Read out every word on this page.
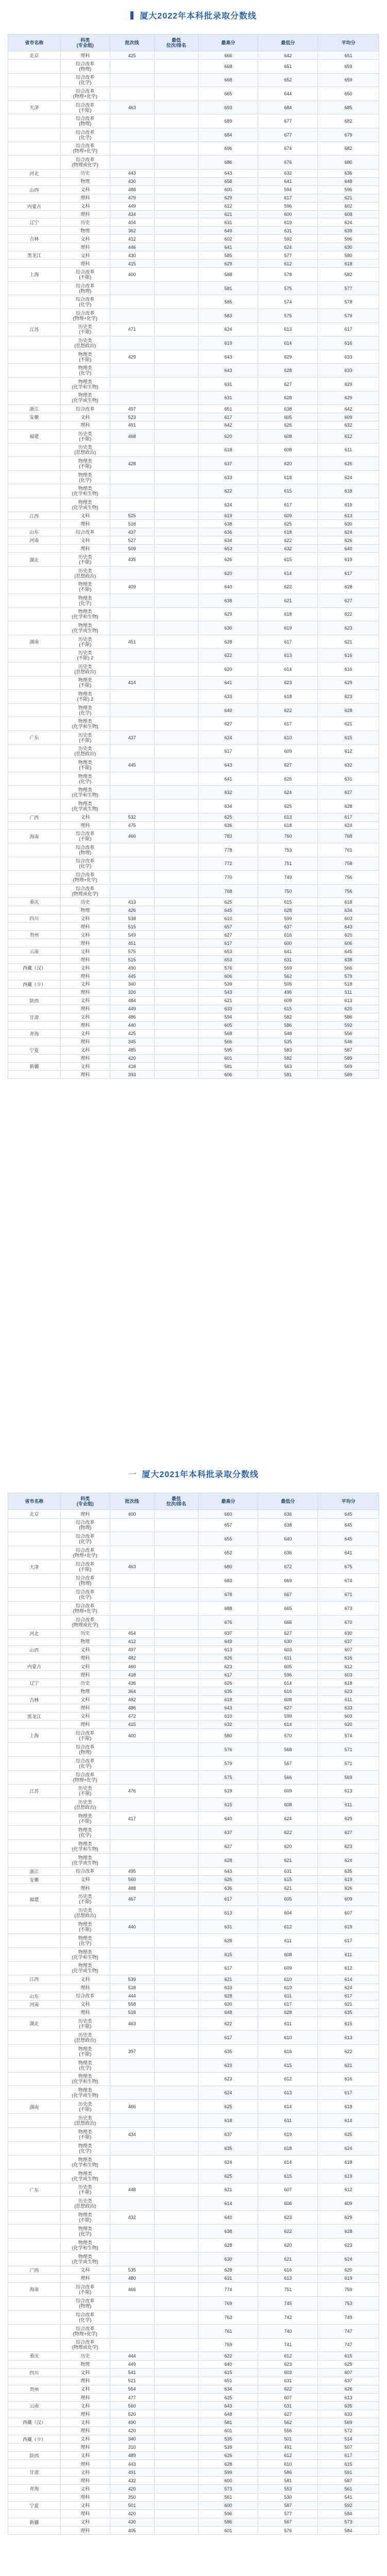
厦大2022年本科批录取分数线
省市名称	科类
(专业组)	批次线	最低
位次/排名	最高分	最低分	平均分
北京	理科	425	666	642	651
综合改革
(物理)	668	651	659
综合改革
(化学)	668	652	659
综合改革
(物理+化学)	665	644	650
天津
综合改革
(不限)	463	693	684	685
综合改革
(物理)	689	677	682
综合改革
(化学)	684	677	679
综合改革
(物理+化学)	696	674	682
综合改革
(物理或化学)	686	676	680
河北	历史	443	643	632	636
物理	430	658	641	648
山西	文科	488	600	594	596
理科	479	629	617	621
内蒙古	文科	449	612	596	602
理科	434	621	600	608
辽宁	历史	404	631	619	624
物理	362	649	631	639
吉林	文科	412	602	592	596
理科	446	641	624	630
黑龙江	文科	430	585	577	580
理科	415	629	612	618
上海
综合改革
(不限)	400	588	578	582
综合改革
(物理)	581	575	577
综合改革
(化学)	585	574	578
综合改革
(物理+化学)	583	575	579
江苏
历史类
(不限)	471	624	613	617
历史类
(思想政治)	619	614	616
物理类
(不限)	429	643	629	633
物理类
(化学)	643	628	633
物理类
(化学和生物)	631	627	629
物理类
(化学或生物)	631	628	629
浙江	综合改革	497	651	638	642
安徽	文科	523	617	605	609
理科	491	642	626	632
福建
历史类
(不限)	468	620	608	612
历史类
(思想政治)	618	608	611
物理类
(不限)	428	637	620	626
物理类
(化学)	633	618	624
物理类
(化学和生物)	622	615	618
物理类
(化学或生物)	624	617	619
江西	文科	525	619	609	613
理科	518	638	625	630
山东	综合改革	437	636	618	624
河南	文科	527	634	622	626
理科	509	653	632	640
湖北
历史类
(不限)	435	626	615	619
历史类
(思想政治)	620	614	617
物理类
(不限)	409	640	622	628
物理类
(化学)	638	621	627
物理类
(化学和生物)	629	618	622
物理类
(化学或生物)	630	619	623
湖南
历史类
(不限)	451	628	617	621
历史类
(不限) 2	622	613	616
历史类
(思想政治)	620	614	616
物理类
(不限)	414	641	623	629
物理类
(不限) 2	633	618	623
物理类
(化学)	640	622	628
物理类
(化学和生物)	627	617	621
广东
历史类
(不限)	437	624	610	615
历史类
(思想政治)	617	609	612
物理类
(不限)	445	643	627	632
物理类
(化学)	641	626	631
物理类
(化学和生物)	632	624	627
物理类
(化学或生物)	634	625	628
广西	文科	532	625	613	617
理科	475	636	618	624
海南
综合改革
(不限)	466	783	760	768
综合改革
(物理)	778	753	761
综合改革
(化学)	772	751	758
综合改革
(物理+化学)	770	749	756
综合改革
(物理或化学)	768	750	756
重庆	历史	413	625	615	618
物理	426	645	628	634
四川	文科	538	610	599	603
理科	515	657	637	643
贵州	文科	549	627	616	620
理科	451	617	600	606
云南	文科	575	653	641	645
理科	515	653	631	638
西藏（汉）	文科	490	576	559	566
理科	445	606	562	579
西藏（少）	文科	340	539	505	518
理科	320	543	496	511
陕西	文科	484	621	608	613
理科	449	633	615	620
甘肃	文科	486	594	582	586
理科	440	605	586	592
青海	文科	425	568	548	556
理科	345	566	535	546
宁夏	文科	485	595	583	587
理科	420	601	582	589
新疆	文科	418	581	563	569
理科	393	606	581	589
一 厦大2021年本科批录取分数线
省市名称	科类
(专业组)	批次线	最低
位次/排名	最高分	最低分	平均分
北京	理科	400	660	636	645
综合改革
(物理)	657	638	645
综合改革
(化学)	655	640	645
综合改革
(物理+化学)	652	636	641
天津
综合改革
(不限)	463	680	672	675
综合改革
(物理)	683	669	674
综合改革
(化学)	678	667	671
综合改革
(物理+化学)	688	665	673
综合改革
(物理或化学)	676	666	670
河北	历史	454	637	627	630
物理	412	649	630	637
山西	文科	497	613	603	607
理科	482	626	611	616
内蒙古	文科	460	623	605	612
理科	418	617	596	603
辽宁	历史	436	626	614	618
物理	364	635	616	623
吉林	文科	482	618	608	611
理科	486	643	627	633
黑龙江	文科	472	610	599	603
理科	415	632	614	620
上海
综合改革
(不限)	400	580	570	574
综合改革
(物理)	576	568	571
综合改革
(化学)	579	567	571
综合改革
(物理+化学)	575	566	569
江苏
历史类
(不限)	476	619	609	613
历史类
(思想政治)	615	608	611
物理类
(不限)	417	640	624	629
物理类
(化学)	637	622	627
物理类
(化学和生物)	627	620	623
物理类
(化学或生物)	628	621	624
浙江	综合改革	495	643	631	635
安徽	文科	560	626	615	619
理科	488	636	621	626
福建
历史类
(不限)	467	617	605	609
历史类
(思想政治)	613	604	607
物理类
(不限)	440	631	612	619
物理类
(化学)	628	611	617
物理类
(化学和生物)	615	608	611
物理类
(化学或生物)	617	609	612
江西	文科	539	621	610	614
理科	518	633	619	624
山东	综合改革	444	628	611	617
河南	文科	558	630	617	621
理科	518	648	628	635
湖北
历史类
(不限)	463	622	611	615
历史类
(思想政治)	617	610	613
物理类
(不限)	397	635	616	622
物理类
(化学)	633	615	621
物理类
(化学和生物)	623	612	616
物理类
(化学或生物)	624	613	617
湖南
历史类
(不限)	466	625	614	618
历史类
(思想政治)	618	611	614
物理类
(不限)	434	637	619	625
物理类
(化学)	635	618	624
物理类
(化学和生物)	624	614	618
物理类
(化学或生物)	625	615	619
广东
历史类
(不限)	448	621	607	612
历史类
(思想政治)	614	606	609
物理类
(不限)	432	640	623	629
物理类
(化学)	638	622	628
物理类
(化学和生物)	628	620	623
物理类
(化学或生物)	630	621	624
广西	文科	535	628	616	620
理科	480	631	613	619
海南
综合改革
(不限)	466	774	751	759
综合改革
(物理)	769	745	753
综合改革
(化学)	763	742	749
综合改革
(物理+化学)	761	740	747
综合改革
(物理或化学)	759	741	747
重庆	历史	444	622	612	615
物理	449	640	623	629
四川	文科	541	615	603	607
理科	521	651	631	637
贵州	文科	554	634	622	626
理科	477	625	607	613
云南	文科	560	643	631	635
理科	520	648	627	633
西藏（汉）	文科	490	581	562	569
理科	420	601	556	572
西藏（少）	文科	340	535	501	514
理科	310	539	491	507
陕西	文科	489	626	612	617
理科	443	628	610	615
甘肃	文科	491	599	586	591
理科	432	600	581	587
青海	文科	420	573	553	561
理科	350	561	530	541
宁夏	文科	501	600	587	592
理科	420	596	577	584
新疆	文科	430	586	567	573
理科	405	601	576	584
